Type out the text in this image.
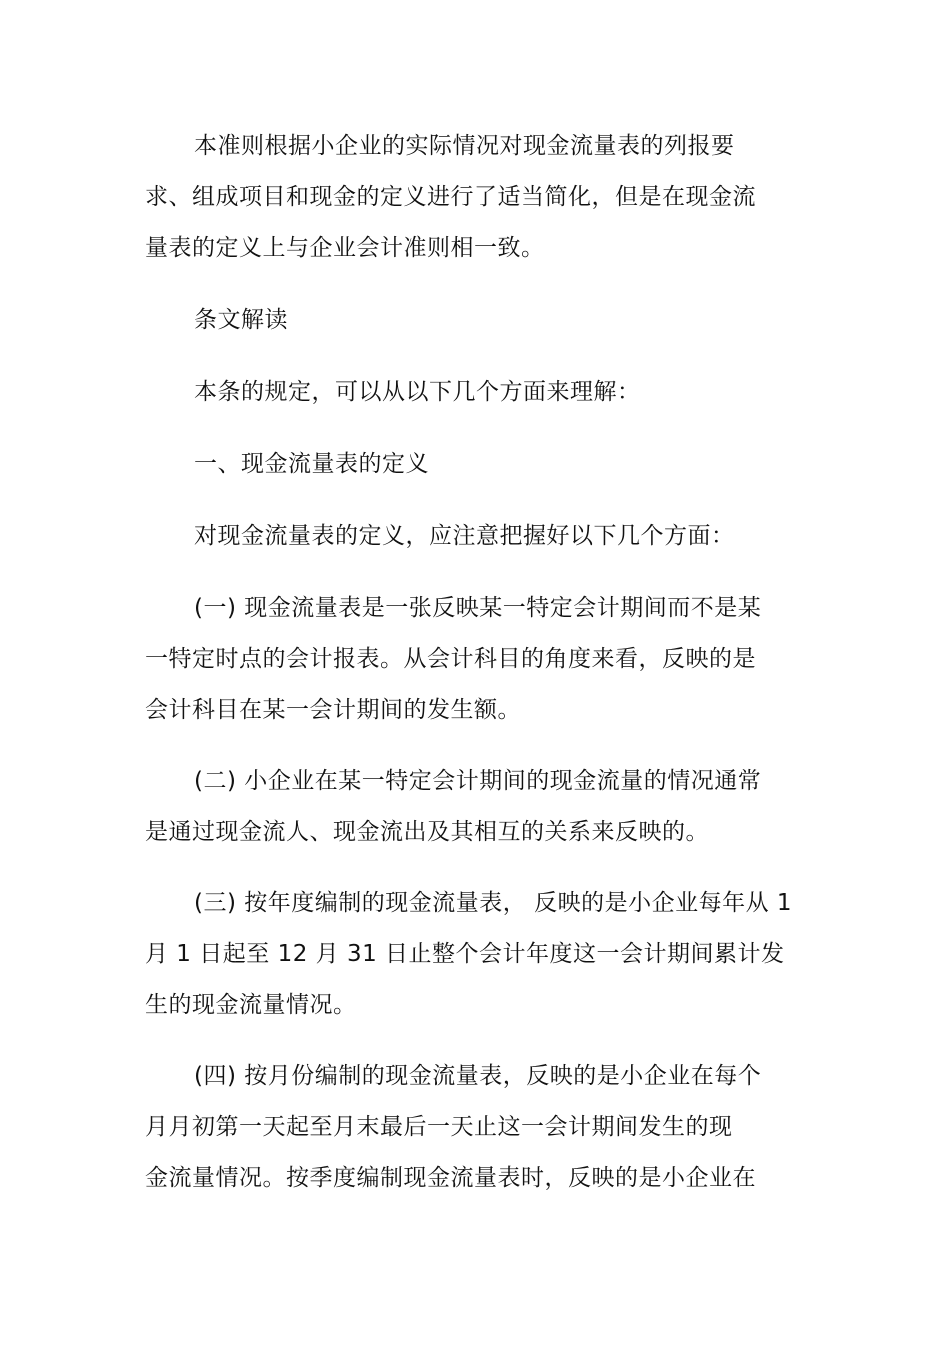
本准则根据小企业的实际情况对现金流量表的列报要
求、组成项目和现金的定义进行了适当简化，但是在现金流
量表的定义上与企业会计准则相一致。
条文解读
本条的规定，可以从以下几个方面来理解：
一、现金流量表的定义
对现金流量表的定义，应注意把握好以下几个方面：
(一) 现金流量表是一张反映某一特定会计期间而不是某
一特定时点的会计报表。从会计科目的角度来看，反映的是
会计科目在某一会计期间的发生额。
(二) 小企业在某一特定会计期间的现金流量的情况通常
是通过现金流人、现金流出及其相互的关系来反映的。
(三) 按年度编制的现金流量表， 反映的是小企业每年从 1
月 1 日起至 12 月 31 日止整个会计年度这一会计期间累计发
生的现金流量情况。
(四) 按月份编制的现金流量表，反映的是小企业在每个
月月初第一天起至月末最后一天止这一会计期间发生的现
金流量情况。按季度编制现金流量表时，反映的是小企业在
